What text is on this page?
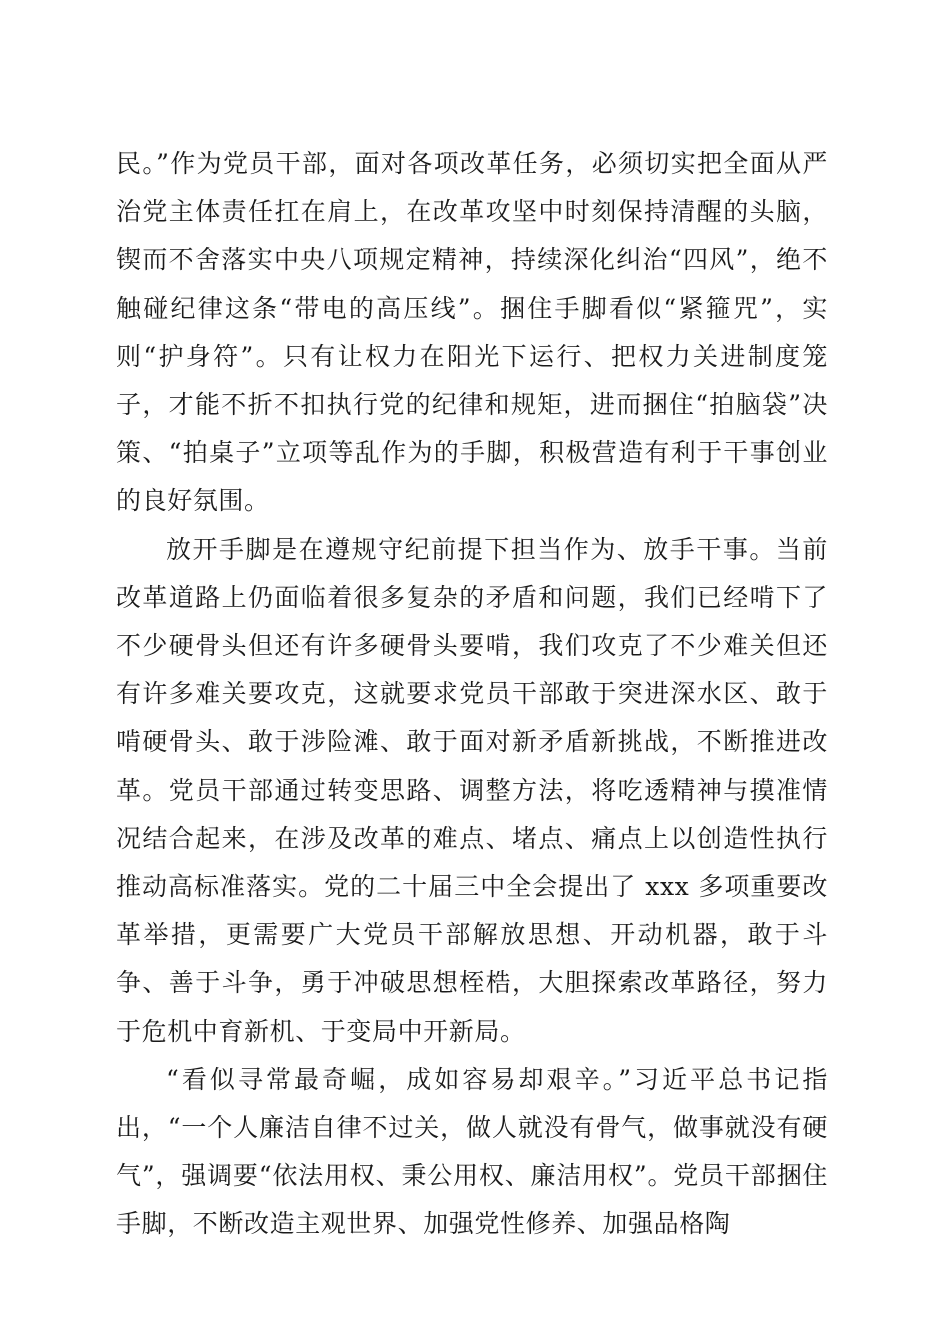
民。”作为党员干部，面对各项改革任务，必须切实把全面从严治党主体责任扛在肩上，在改革攻坚中时刻保持清醒的头脑，锲而不舍落实中央八项规定精神，持续深化纠治“四风”，绝不触碰纪律这条“带电的高压线”。捆住手脚看似“紧箍咒”，实则“护身符”。只有让权力在阳光下运行、把权力关进制度笼子，才能不折不扣执行党的纪律和规矩，进而捆住“拍脑袋”决策、“拍桌子”立项等乱作为的手脚，积极营造有利于干事创业的良好氛围。

放开手脚是在遵规守纪前提下担当作为、放手干事。当前改革道路上仍面临着很多复杂的矛盾和问题，我们已经啃下了不少硬骨头但还有许多硬骨头要啃，我们攻克了不少难关但还有许多难关要攻克，这就要求党员干部敢于突进深水区、敢于啃硬骨头、敢于涉险滩、敢于面对新矛盾新挑战，不断推进改革。党员干部通过转变思路、调整方法，将吃透精神与摸准情况结合起来，在涉及改革的难点、堵点、痛点上以创造性执行推动高标准落实。党的二十届三中全会提出了 xxx 多项重要改革举措，更需要广大党员干部解放思想、开动机器，敢于斗争、善于斗争，勇于冲破思想桎梏，大胆探索改革路径，努力于危机中育新机、于变局中开新局。

“看似寻常最奇崛，成如容易却艰辛。”习近平总书记指出，“一个人廉洁自律不过关，做人就没有骨气，做事就没有硬气”，强调要“依法用权、秉公用权、廉洁用权”。党员干部捆住手脚，不断改造主观世界、加强党性修养、加强品格陶
